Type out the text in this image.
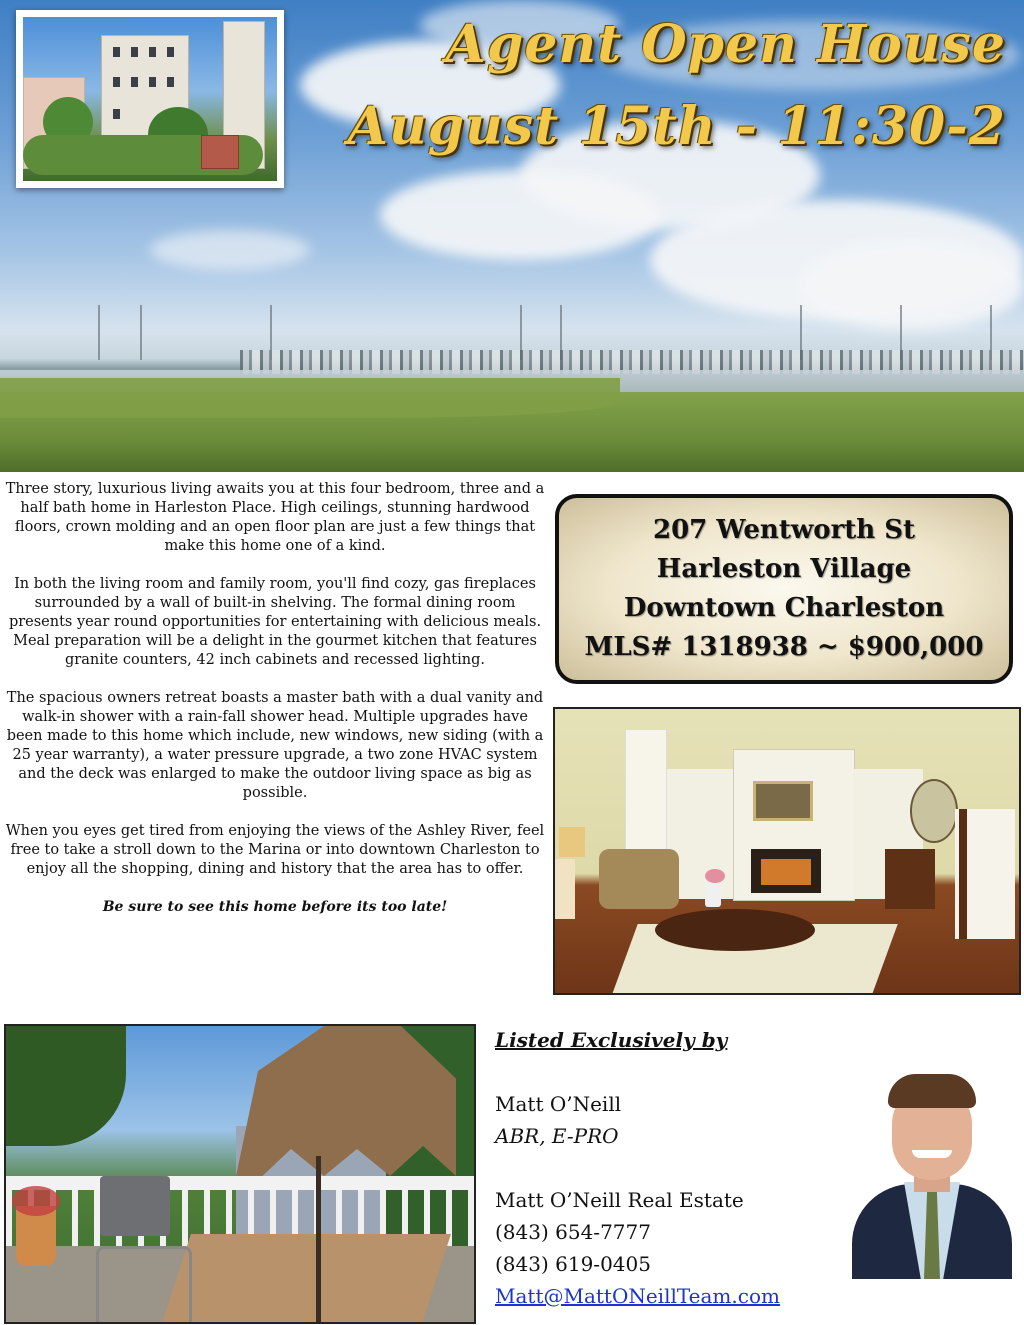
Agent Open House
August 15th - 11:30-2

Three story, luxurious living awaits you at this four bedroom, three and a half bath home in Harleston Place. High ceilings, stunning hardwood floors, crown molding and an open floor plan are just a few things that make this home one of a kind.

In both the living room and family room, you'll find cozy, gas fireplaces surrounded by a wall of built-in shelving. The formal dining room presents year round opportunities for entertaining with delicious meals. Meal preparation will be a delight in the gourmet kitchen that features granite counters, 42 inch cabinets and recessed lighting.

The spacious owners retreat boasts a master bath with a dual vanity and walk-in shower with a rain-fall shower head. Multiple upgrades have been made to this home which include, new windows, new siding (with a 25 year warranty), a water pressure upgrade, a two zone HVAC system and the deck was enlarged to make the outdoor living space as big as possible.

When you eyes get tired from enjoying the views of the Ashley River, feel free to take a stroll down to the Marina or into downtown Charleston to enjoy all the shopping, dining and history that the area has to offer.

Be sure to see this home before its too late!

207 Wentworth St
Harleston Village
Downtown Charleston
MLS# 1318938 ~ $900,000
Listed Exclusively by
Matt O’Neill
ABR, E-PRO
Matt O’Neill Real Estate
(843) 654-7777
(843) 619-0405
Matt@MattONeillTeam.com
